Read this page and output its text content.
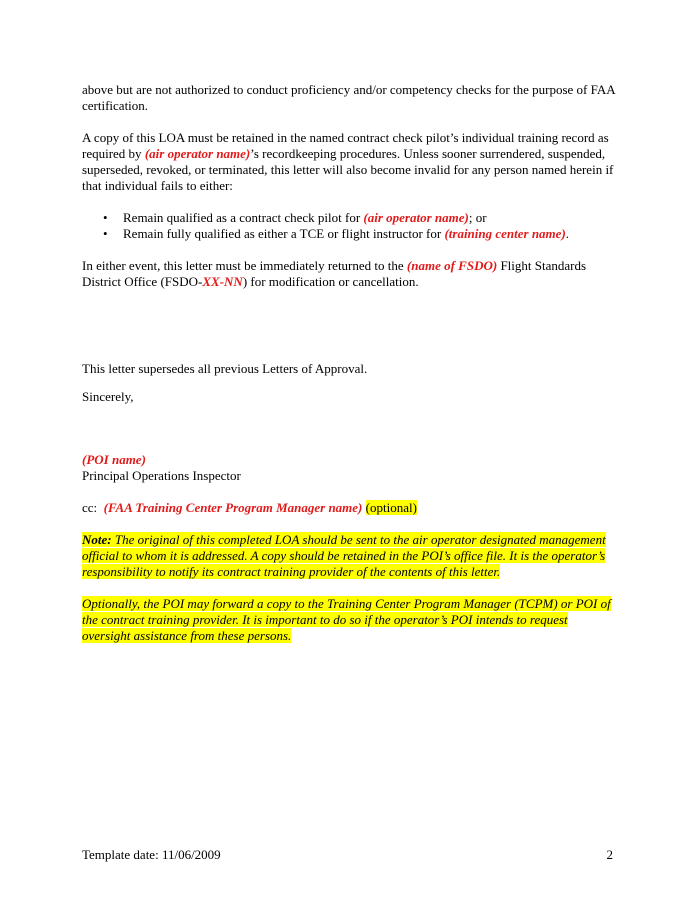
above but are not authorized to conduct proficiency and/or competency checks for the purpose of FAA certification.

A copy of this LOA must be retained in the named contract check pilot’s individual training record as required by (air operator name)’s recordkeeping procedures. Unless sooner surrendered, suspended, superseded, revoked, or terminated, this letter will also become invalid for any person named herein if that individual fails to either:

• Remain qualified as a contract check pilot for (air operator name); or
• Remain fully qualified as either a TCE or flight instructor for (training center name).

In either event, this letter must be immediately returned to the (name of FSDO) Flight Standards District Office (FSDO-XX-NN) for modification or cancellation.

This letter supersedes all previous Letters of Approval.

Sincerely,

(POI name)

Principal Operations Inspector

cc: (FAA Training Center Program Manager name) (optional)

Note: The original of this completed LOA should be sent to the air operator designated management official to whom it is addressed. A copy should be retained in the POI’s office file. It is the operator’s responsibility to notify its contract training provider of the contents of this letter.

Optionally, the POI may forward a copy to the Training Center Program Manager (TCPM) or POI of the contract training provider. It is important to do so if the operator’s POI intends to request oversight assistance from these persons.

Template date: 11/06/2009	2
